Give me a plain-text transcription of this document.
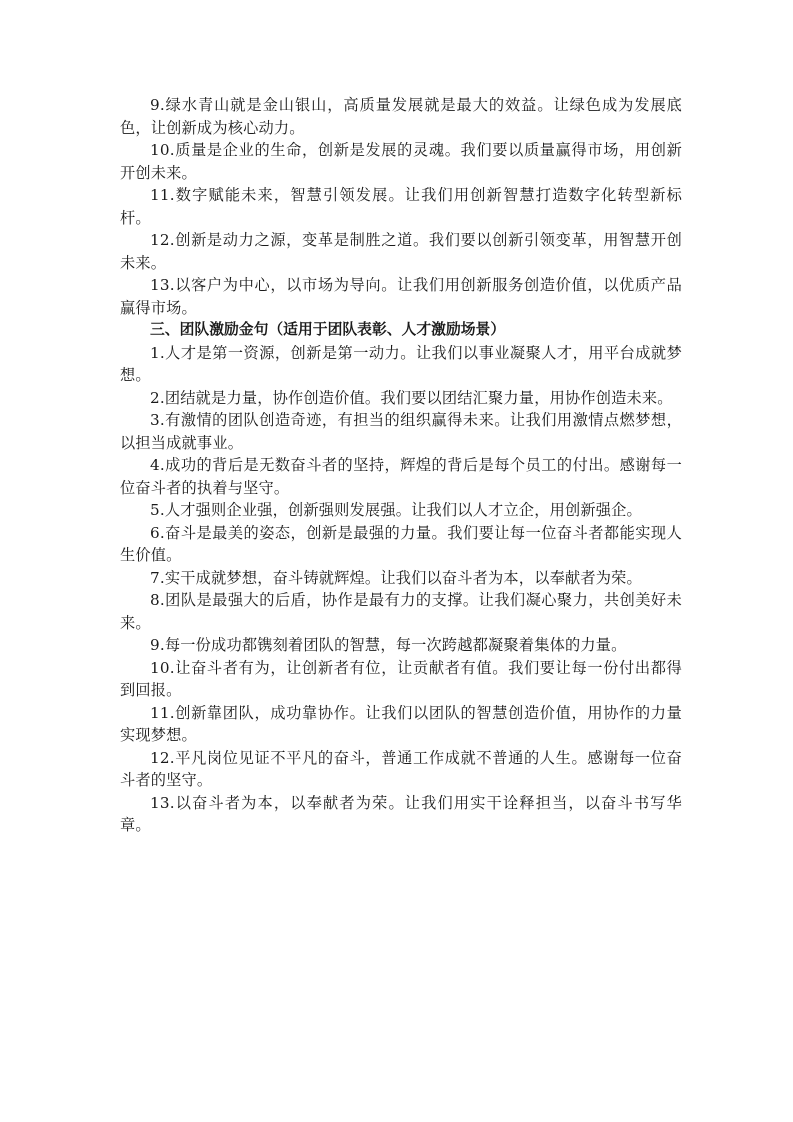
9.绿水青山就是金山银山，高质量发展就是最大的效益。让绿色成为发展底色，让创新成为核心动力。

10.质量是企业的生命，创新是发展的灵魂。我们要以质量赢得市场，用创新开创未来。

11.数字赋能未来，智慧引领发展。让我们用创新智慧打造数字化转型新标杆。

12.创新是动力之源，变革是制胜之道。我们要以创新引领变革，用智慧开创未来。

13.以客户为中心，以市场为导向。让我们用创新服务创造价值，以优质产品赢得市场。

三、团队激励金句（适用于团队表彰、人才激励场景）

1.人才是第一资源，创新是第一动力。让我们以事业凝聚人才，用平台成就梦想。

2.团结就是力量，协作创造价值。我们要以团结汇聚力量，用协作创造未来。

3.有激情的团队创造奇迹，有担当的组织赢得未来。让我们用激情点燃梦想，以担当成就事业。

4.成功的背后是无数奋斗者的坚持，辉煌的背后是每个员工的付出。感谢每一位奋斗者的执着与坚守。

5.人才强则企业强，创新强则发展强。让我们以人才立企，用创新强企。

6.奋斗是最美的姿态，创新是最强的力量。我们要让每一位奋斗者都能实现人生价值。

7.实干成就梦想，奋斗铸就辉煌。让我们以奋斗者为本，以奉献者为荣。

8.团队是最强大的后盾，协作是最有力的支撑。让我们凝心聚力，共创美好未来。

9.每一份成功都镌刻着团队的智慧，每一次跨越都凝聚着集体的力量。

10.让奋斗者有为，让创新者有位，让贡献者有值。我们要让每一份付出都得到回报。

11.创新靠团队，成功靠协作。让我们以团队的智慧创造价值，用协作的力量实现梦想。

12.平凡岗位见证不平凡的奋斗，普通工作成就不普通的人生。感谢每一位奋斗者的坚守。

13.以奋斗者为本，以奉献者为荣。让我们用实干诠释担当，以奋斗书写华章。
